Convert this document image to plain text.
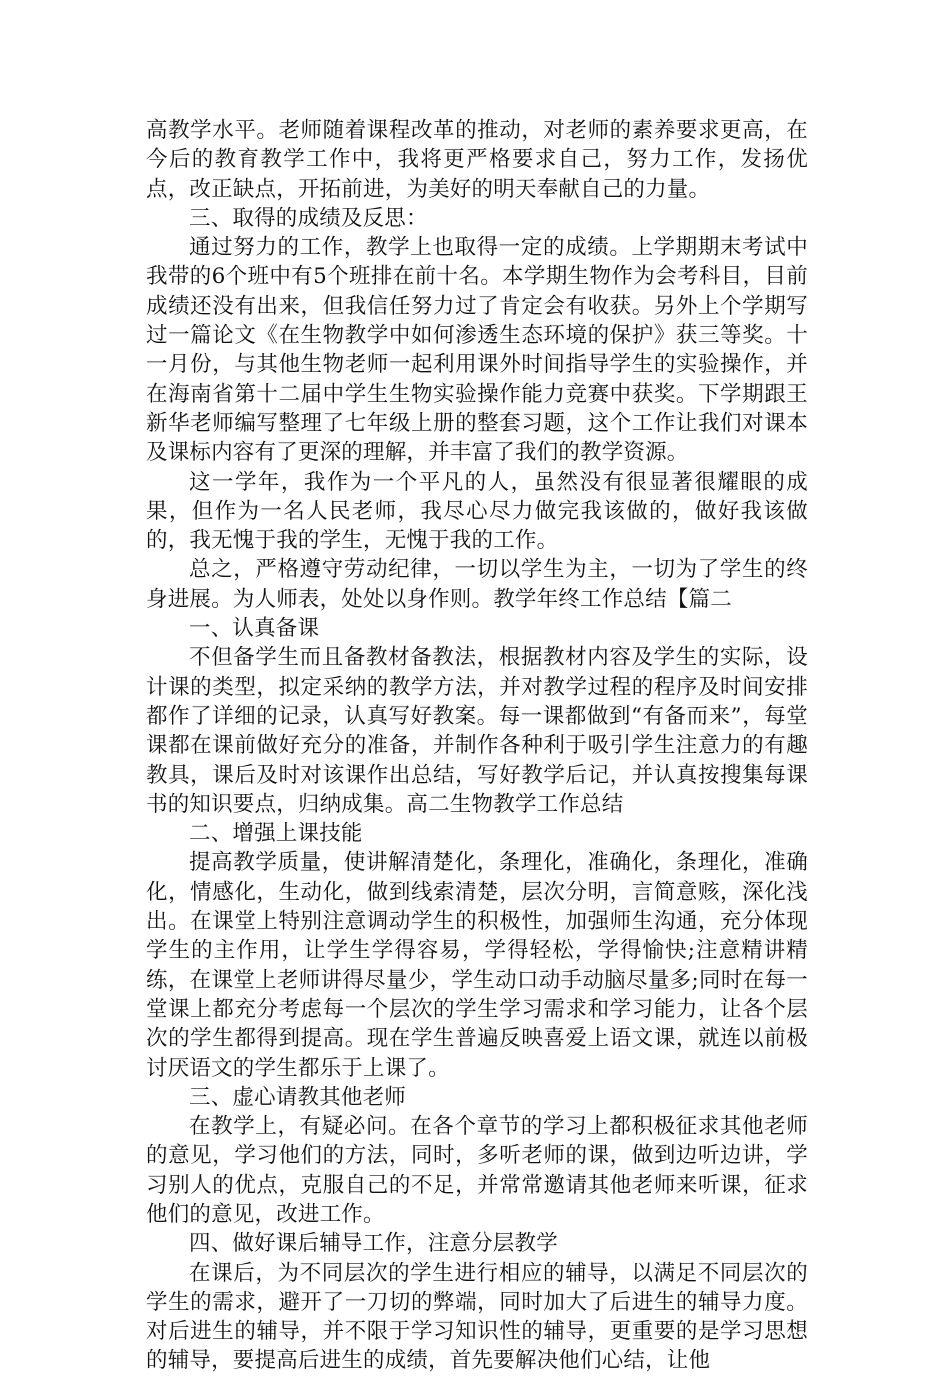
高教学水平。老师随着课程改革的推动，对老师的素养要求更高，在今后的教育教学工作中，我将更严格要求自己，努力工作，发扬优点，改正缺点，开拓前进，为美好的明天奉献自己的力量。

三、取得的成绩及反思：

通过努力的工作，教学上也取得一定的成绩。上学期期末考试中我带的6个班中有5个班排在前十名。本学期生物作为会考科目，目前成绩还没有出来，但我信任努力过了肯定会有收获。另外上个学期写过一篇论文《在生物教学中如何渗透生态环境的保护》获三等奖。十一月份，与其他生物老师一起利用课外时间指导学生的实验操作，并在海南省第十二届中学生生物实验操作能力竞赛中获奖。下学期跟王新华老师编写整理了七年级上册的整套习题，这个工作让我们对课本及课标内容有了更深的理解，并丰富了我们的教学资源。

这一学年，我作为一个平凡的人，虽然没有很显著很耀眼的成果，但作为一名人民老师，我尽心尽力做完我该做的，做好我该做的，我无愧于我的学生，无愧于我的工作。

总之，严格遵守劳动纪律，一切以学生为主，一切为了学生的终身进展。为人师表，处处以身作则。教学年终工作总结【篇二

一、认真备课

不但备学生而且备教材备教法，根据教材内容及学生的实际，设计课的类型，拟定采纳的教学方法，并对教学过程的程序及时间安排都作了详细的记录，认真写好教案。每一课都做到“有备而来”，每堂课都在课前做好充分的准备，并制作各种利于吸引学生注意力的有趣教具，课后及时对该课作出总结，写好教学后记，并认真按搜集每课书的知识要点，归纳成集。高二生物教学工作总结

二、增强上课技能

提高教学质量，使讲解清楚化，条理化，准确化，条理化，准确化，情感化，生动化，做到线索清楚，层次分明，言简意赅，深化浅出。在课堂上特别注意调动学生的积极性，加强师生沟通，充分体现学生的主作用，让学生学得容易，学得轻松，学得愉快;注意精讲精练，在课堂上老师讲得尽量少，学生动口动手动脑尽量多;同时在每一堂课上都充分考虑每一个层次的学生学习需求和学习能力，让各个层次的学生都得到提高。现在学生普遍反映喜爱上语文课，就连以前极讨厌语文的学生都乐于上课了。

三、虚心请教其他老师

在教学上，有疑必问。在各个章节的学习上都积极征求其他老师的意见，学习他们的方法，同时，多听老师的课，做到边听边讲，学习别人的优点，克服自己的不足，并常常邀请其他老师来听课，征求他们的意见，改进工作。

四、做好课后辅导工作，注意分层教学

在课后，为不同层次的学生进行相应的辅导，以满足不同层次的学生的需求，避开了一刀切的弊端，同时加大了后进生的辅导力度。对后进生的辅导，并不限于学习知识性的辅导，更重要的是学习思想的辅导，要提高后进生的成绩，首先要解决他们心结，让他
